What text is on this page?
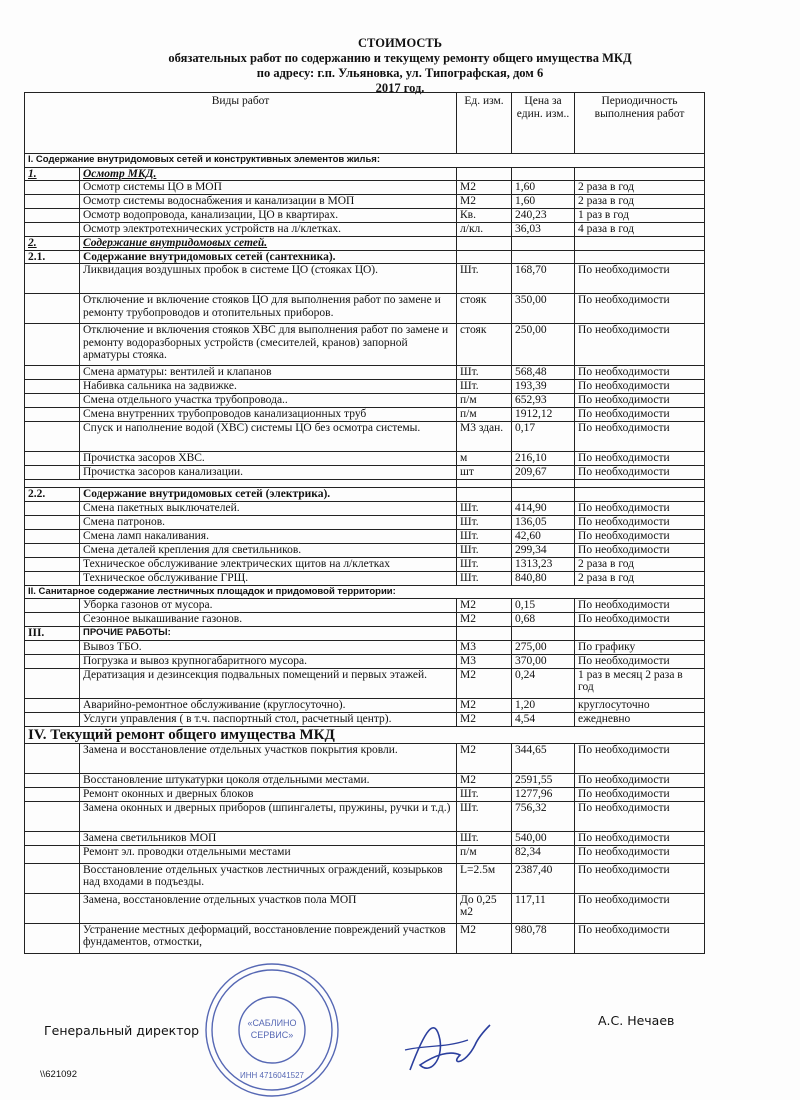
СТОИМОСТЬ
обязательных работ по содержанию и текущему ремонту общего имущества МКД
по адресу: г.п. Ульяновка, ул. Типографская, дом 6
2017 год.
Виды работ		Ед. изм.	Цена за един. изм..	Периодичность выполнения работ
I. Содержание внутридомовых сетей и конструктивных элементов жилья:				
1.	Осмотр МКД.			
	Осмотр системы ЦО в МОП	М2	1,60	2 раза в год
	Осмотр системы водоснабжения и канализации в МОП	М2	1,60	2 раза в год
	Осмотр водопровода, канализации, ЦО в квартирах.	Кв.	240,23	1 раз в год
	Осмотр электротехнических устройств на л/клетках.	л/кл.	36,03	4 раза в год
2.	Содержание внутридомовых сетей.			
2.1.	Содержание внутридомовых сетей (сантехника).			
	Ликвидация воздушных пробок в системе ЦО (стояках ЦО).	Шт.	168,70	По необходимости
	Отключение и включение стояков ЦО для выполнения работ по замене и ремонту трубопроводов и отопительных приборов.	стояк	350,00	По необходимости
	Отключение и включения стояков ХВС для выполнения работ по замене и ремонту водоразборных устройств (смесителей, кранов) запорной арматуры стояка.	стояк	250,00	По необходимости
	Смена арматуры: вентилей и клапанов	Шт.	568,48	По необходимости
	Набивка сальника на задвижке.	Шт.	193,39	По необходимости
	Смена отдельного участка трубопровода..	п/м	652,93	По необходимости
	Смена внутренних трубопроводов канализационных труб	п/м	1912,12	По необходимости
	Спуск и наполнение водой (ХВС) системы ЦО без осмотра системы.	М3 здан.	0,17	По необходимости
	Прочистка засоров ХВС.	м	216,10	По необходимости
	Прочистка засоров канализации.	шт	209,67	По необходимости

2.2.	Содержание внутридомовых сетей (электрика).			
	Смена пакетных выключателей.	Шт.	414,90	По необходимости
	Смена патронов.	Шт.	136,05	По необходимости
	Смена ламп накаливания.	Шт.	42,60	По необходимости
	Смена деталей крепления для светильников.	Шт.	299,34	По необходимости
	Техническое обслуживание электрических щитов на л/клетках	Шт.	1313,23	2 раза в год
	Техническое обслуживание ГРЩ.	Шт.	840,80	2 раза в год
II. Санитарное содержание лестничных площадок и придомовой территории:				
	Уборка газонов от мусора.	М2	0,15	По необходимости
	Сезонное выкашивание газонов.	М2	0,68	По необходимости
III.	ПРОЧИЕ РАБОТЫ:			
	Вывоз ТБО.	М3	275,00	По графику
	Погрузка и вывоз крупногабаритного мусора.	М3	370,00	По необходимости
	Дератизация и дезинсекция подвальных помещений и первых этажей.	М2	0,24	1 раз в месяц 2 раза в год
	Аварийно-ремонтное обслуживание (круглосуточно).	М2	1,20	круглосуточно
	Услуги управления ( в т.ч. паспортный стол, расчетный центр).	М2	4,54	ежедневно
IV. Текущий ремонт общего имущества МКД				
	Замена и восстановление отдельных участков покрытия кровли.	М2	344,65	По необходимости
	Восстановление штукатурки цоколя отдельными местами.	М2	2591,55	По необходимости
	Ремонт оконных и дверных блоков	Шт.	1277,96	По необходимости
	Замена оконных и дверных приборов (шпингалеты, пружины, ручки и т.д.)	Шт.	756,32	По необходимости
	Замена светильников МОП	Шт.	540,00	По необходимости
	Ремонт эл. проводки отдельными местами	п/м	82,34	По необходимости
	Восстановление отдельных участков лестничных ограждений, козырьков над входами в подъезды.	L=2.5м	2387,40	По необходимости
	Замена, восстановление отдельных участков пола МОП	До 0,25 м2	117,11	По необходимости
	Устранение местных деформаций, восстановление повреждений участков фундаментов, отмостки,	М2	980,78	По необходимости
«САБЛИНО
СЕРВИС»
ИНН 4716041527
Генеральный директор
А.С. Нечаев
\\621092
